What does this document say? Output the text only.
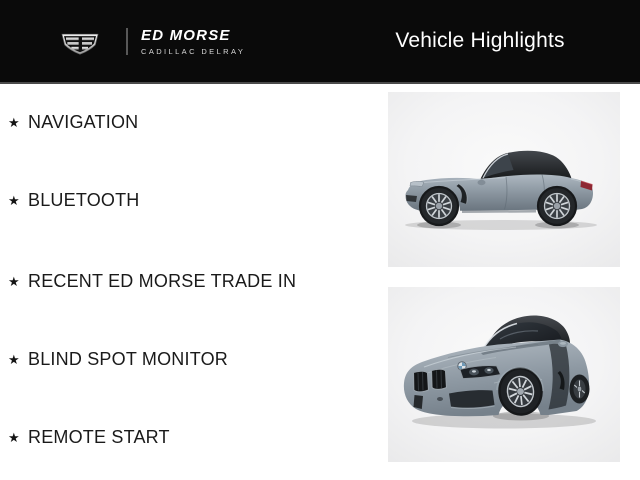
ED MORSE
CADILLAC DELRAY	Vehicle Highlights
★ NAVIGATION
★ BLUETOOTH
★ RECENT ED MORSE TRADE IN
★ BLIND SPOT MONITOR
★ REMOTE START
